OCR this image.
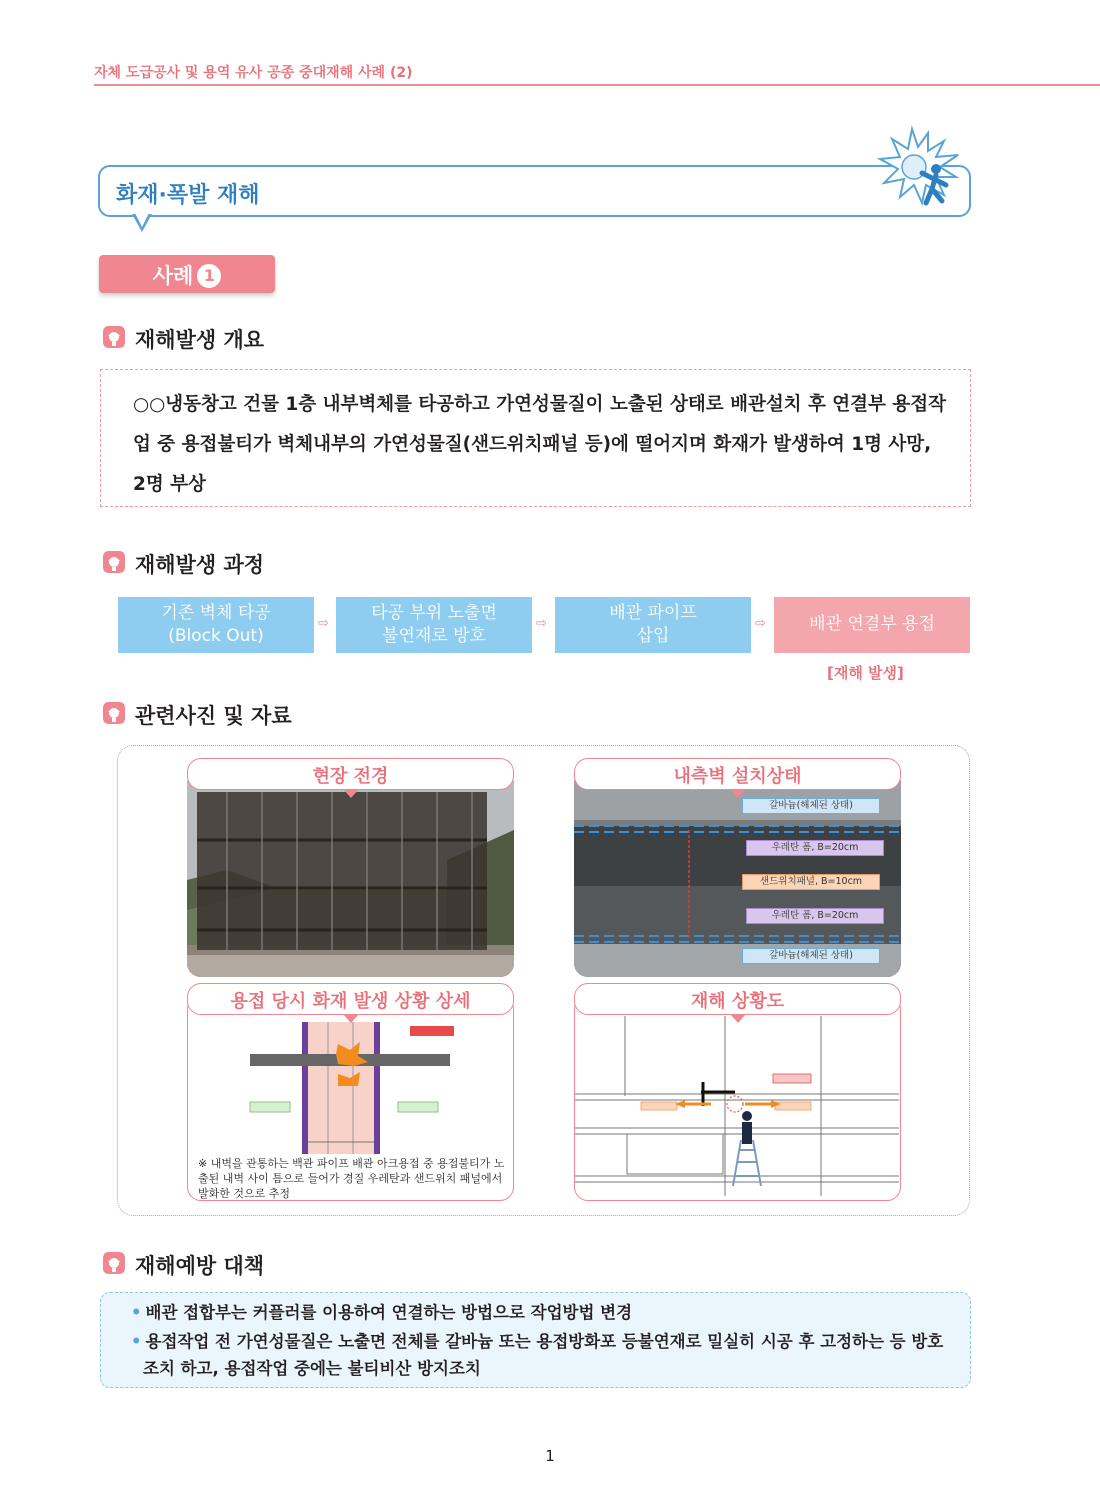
자체 도급공사 및 용역 유사 공종 중대재해 사례 (2)
화재·폭발 재해
사례 1
재해발생 개요
○○냉동창고 건물 1층 내부벽체를 타공하고 가연성물질이 노출된 상태로 배관설치 후 연결부 용접작업 중 용접불티가 벽체내부의 가연성물질(샌드위치패널 등)에 떨어지며 화재가 발생하여 1명 사망, 2명 부상
재해발생 과정
기존 벽체 타공
(Block Out)
⇨
타공 부위 노출면
불연재로 방호
⇨
배관 파이프
삽입
⇨	배관 연결부 용접
[재해 발생]
관련사진 및 자료
현장 전경
갈바늄(해체된 상태)
우레탄 폼, B=20cm
샌드위치패널, B=10cm
우레탄 폼, B=20cm
갈바늄(해체된 상태)
내측벽 설치상태
※ 내벽을 관통하는 백관 파이프 배관 아크용접 중 용접불티가 노출된 내벽 사이 틈으로 들어가 경질 우레탄과 샌드위치 패널에서 발화한 것으로 추정
용접 당시 화재 발생 상황 상세	재해 상황도
재해예방 대책
• 배관 접합부는 커플러를 이용하여 연결하는 방법으로 작업방법 변경
• 용접작업 전 가연성물질은 노출면 전체를 갈바늄 또는 용접방화포 등불연재로 밀실히 시공 후 고정하는 등 방호조치 하고, 용접작업 중에는 불티비산 방지조치
1
